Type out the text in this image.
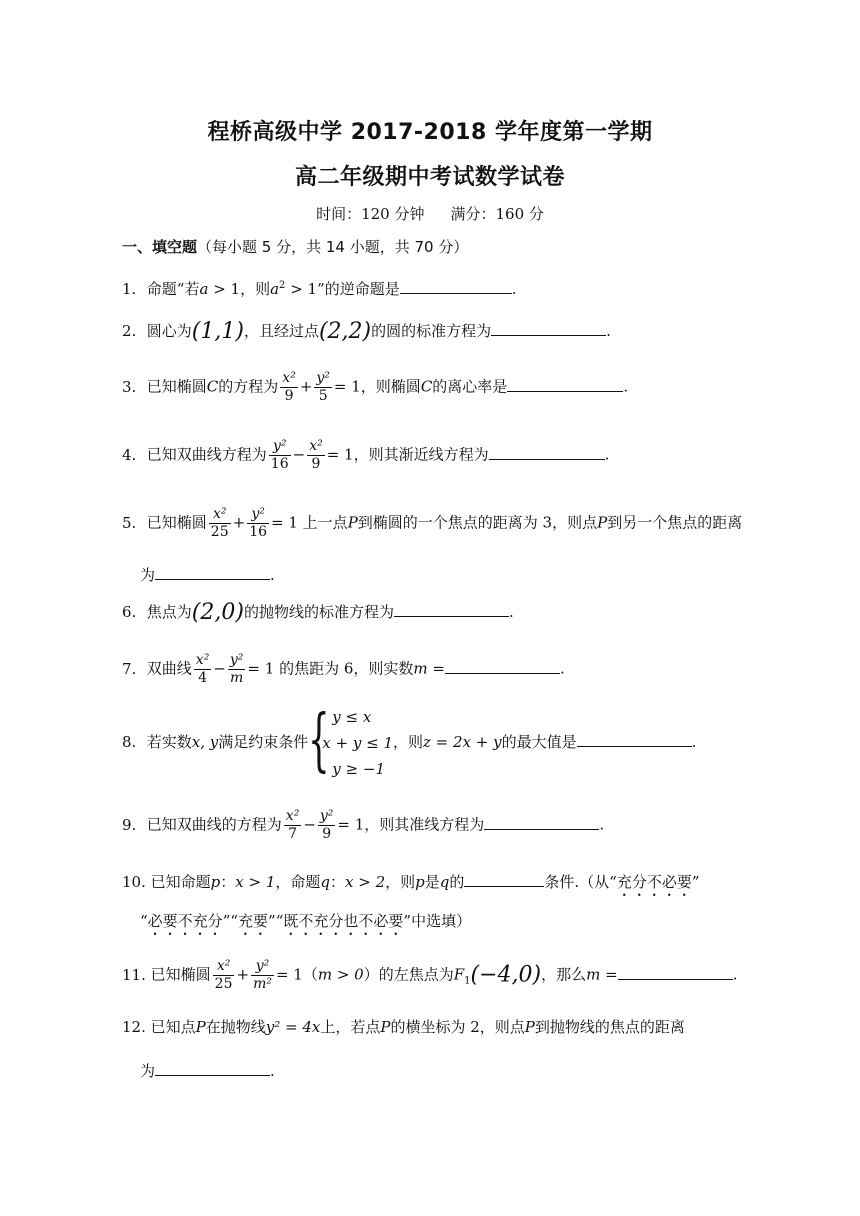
程桥高级中学 2017-2018 学年度第一学期
高二年级期中考试数学试卷
时间：120 分钟 满分：160 分
一、填空题（每小题 5 分，共 14 小题，共 70 分）
1. 命题“若a > 1，则$a^2 > 1$”的逆命题是	.
2. 圆心为(1,1)，且经过点(2,2)的圆的标准方程为	.
3. 已知椭圆C的方程为 $\frac{\text{x²}}{9} + \frac{\text{y²}}{5} = 1$，则椭圆C的离心率是	.
4. 已知双曲线方程为 $\frac{\text{y²}}{16} - \frac{\text{x²}}{9} = 1$，则其渐近线方程为	.
5. 已知椭圆 $\frac{\text{x²}}{25} + \frac{\text{y²}}{16} = 1$ 上一点P到椭圆的一个焦点的距离为 3，则点P到另一个焦点的距离
为	.
6. 焦点为(2,0)的抛物线的标准方程为	.
7. 双曲线 $\frac{\text{x²}}{4} - \frac{\text{y²}}{m} = 1$ 的焦距为 6，则实数m =	.
8. 若实数x, y满足约束条件 { y ≤ x
x + y ≤ 1
y ≥ −1
，则z = 2x + y的最大值是	.
9. 已知双曲线的方程为 $\frac{\text{x²}}{7} - \frac{\text{y²}}{9} = 1$，则其准线方程为	.
10. 已知命题p：x > 1，命题q：x > 2，则p是q的	条件.（从“充分不必要”
“必要不充分”“充要”“既不充分也不必要”中选填）
11. 已知椭圆 $\frac{\text{x²}}{25} + \frac{\text{y²}}{\text{m²}} = 1(m > 0)$的左焦点为$F_1(-4,0)$，那么m =	.
12. 已知点P在抛物线y² = 4x上，若点P的横坐标为 2，则点P到抛物线的焦点的距离
为	.
